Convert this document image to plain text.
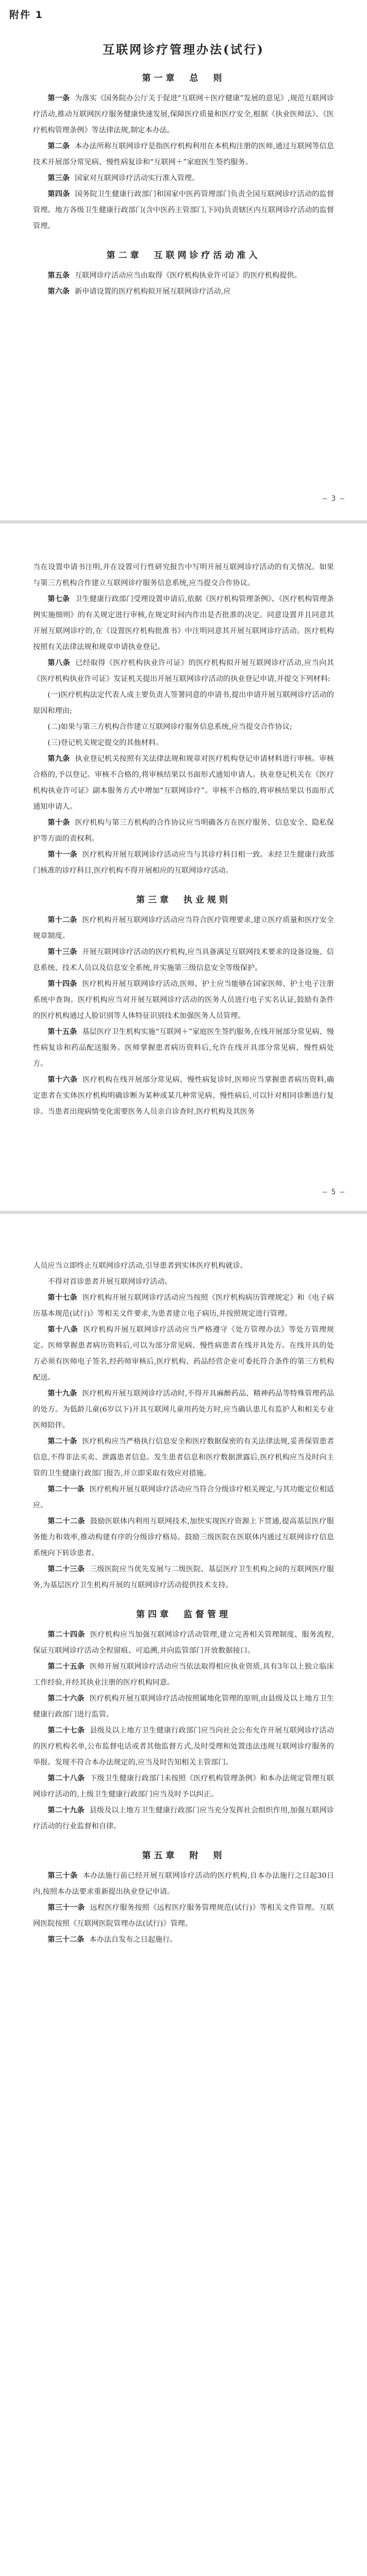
附件 1
互联网诊疗管理办法(试行)
第一章　总　则

第一条 为落实《国务院办公厅关于促进“互联网＋医疗健康”发展的意见》,规范互联网诊疗活动,推动互联网医疗服务健康快速发展,保障医疗质量和医疗安全,根据《执业医师法》、《医疗机构管理条例》等法律法规,制定本办法。

第二条 本办法所称互联网诊疗是指医疗机构利用在本机构注册的医师,通过互联网等信息技术开展部分常见病、慢性病复诊和“互联网＋”家庭医生签约服务。

第三条 国家对互联网诊疗活动实行准入管理。

第四条 国务院卫生健康行政部门和国家中医药管理部门负责全国互联网诊疗活动的监督管理。地方各级卫生健康行政部门(含中医药主管部门,下同)负责辖区内互联网诊疗活动的监督管理。

第二章　互联网诊疗活动准入

第五条 互联网诊疗活动应当由取得《医疗机构执业许可证》的医疗机构提供。

第六条 新申请设置的医疗机构拟开展互联网诊疗活动,应

— 3 —

当在设置申请书注明,并在设置可行性研究报告中写明开展互联网诊疗活动的有关情况。如果与第三方机构合作建立互联网诊疗服务信息系统,应当提交合作协议。

第七条 卫生健康行政部门受理设置申请后,依据《医疗机构管理条例》、《医疗机构管理条例实施细则》的有关规定进行审核,在规定时间内作出是否批准的决定。同意设置并且同意其开展互联网诊疗的,在《设置医疗机构批准书》中注明同意其开展互联网诊疗活动。医疗机构按照有关法律法规和规章申请执业登记。

第八条 已经取得《医疗机构执业许可证》的医疗机构拟开展互联网诊疗活动,应当向其《医疗机构执业许可证》发证机关提出开展互联网诊疗活动的执业登记申请,并提交下列材料:

(一)医疗机构法定代表人或主要负责人签署同意的申请书,提出申请开展互联网诊疗活动的原因和理由;

(二)如果与第三方机构合作建立互联网诊疗服务信息系统,应当提交合作协议;

(三)登记机关规定提交的其他材料。

第九条 执业登记机关按照有关法律法规和规章对医疗机构登记申请材料进行审核。审核合格的,予以登记。审核不合格的,将审核结果以书面形式通知申请人。执业登记机关在《医疗机构执业许可证》副本服务方式中增加“互联网诊疗”。审核不合格的,将审核结果以书面形式通知申请人。

第十条 医疗机构与第三方机构的合作协议应当明确各方在医疗服务、信息安全、隐私保护等方面的责权利。

第十一条 医疗机构开展互联网诊疗活动应当与其诊疗科目相一致。未经卫生健康行政部门核准的诊疗科目,医疗机构不得开展相应的互联网诊疗活动。

第三章　执业规则

第十二条 医疗机构开展互联网诊疗活动应当符合医疗管理要求,建立医疗质量和医疗安全规章制度。

第十三条 开展互联网诊疗活动的医疗机构,应当具备满足互联网技术要求的设备设施、信息系统、技术人员以及信息安全系统,并实施第三级信息安全等级保护。

第十四条 医疗机构开展互联网诊疗活动,医师、护士应当能够在国家医师、护士电子注册系统中查询。医疗机构应当对开展互联网诊疗活动的医务人员进行电子实名认证,鼓励有条件的医疗机构通过人脸识别等人体特征识别技术加强医务人员管理。

第十五条 基层医疗卫生机构实施“互联网＋”家庭医生签约服务,在线开展部分常见病、慢性病复诊和药品配送服务。医师掌握患者病历资料后,允许在线开具部分常见病、慢性病处方。

第十六条 医疗机构在线开展部分常见病、慢性病复诊时,医师应当掌握患者病历资料,确定患者在实体医疗机构明确诊断为某种或某几种常见病、慢性病后,可以针对相同诊断进行复诊。当患者出现病情变化需要医务人员亲自诊查时,医疗机构及其医务

— 5 —

人员应当立即终止互联网诊疗活动,引导患者到实体医疗机构就诊。

不得对首诊患者开展互联网诊疗活动。

第十七条 医疗机构开展互联网诊疗活动应当按照《医疗机构病历管理规定》和《电子病历基本规范(试行)》等相关文件要求,为患者建立电子病历,并按照规定进行管理。

第十八条 医疗机构开展互联网诊疗活动应当严格遵守《处方管理办法》等处方管理规定。医师掌握患者病历资料后,可以为部分常见病、慢性病患者在线开具处方。在线开具的处方必须有医师电子签名,经药师审核后,医疗机构、药品经营企业可委托符合条件的第三方机构配送。

第十九条 医疗机构开展互联网诊疗活动时,不得开具麻醉药品、精神药品等特殊管理药品的处方。为低龄儿童(6岁以下)开具互联网儿童用药处方时,应当确认患儿有监护人和相关专业医师陪伴。

第二十条 医疗机构应当严格执行信息安全和医疗数据保密的有关法律法规,妥善保管患者信息,不得非法买卖、泄露患者信息。发生患者信息和医疗数据泄露后,医疗机构应当及时向主管的卫生健康行政部门报告,并立即采取有效应对措施。

第二十一条 医疗机构开展互联网诊疗活动应当符合分级诊疗相关规定,与其功能定位相适应。

第二十二条 鼓励医联体内利用互联网技术,加快实现医疗资源上下贯通,提高基层医疗服务能力和效率,推动构建有序的分级诊疗格局。鼓励三级医院在医联体内通过互联网诊疗信息系统向下转诊患者。

第二十三条 三级医院应当优先发展与二级医院、基层医疗卫生机构之间的互联网医疗服务,为基层医疗卫生机构开展的互联网诊疗活动提供技术支持。

第四章　监督管理

第二十四条 医疗机构应当加强互联网诊疗活动管理,建立完善相关管理制度、服务流程,保证互联网诊疗活动全程留痕、可追溯,并向监管部门开放数据接口。

第二十五条 医师开展互联网诊疗活动应当依法取得相应执业资质,具有3年以上独立临床工作经验,并经其执业注册的医疗机构同意。

第二十六条 医疗机构开展互联网诊疗活动按照属地化管理的原则,由县级及以上地方卫生健康行政部门进行监管。

第二十七条 县级及以上地方卫生健康行政部门应当向社会公布允许开展互联网诊疗活动的医疗机构名单,公布监督电话或者其他监督方式,及时受理和处置违法违规互联网诊疗服务的举报。发现不符合本办法规定的,应当及时告知相关主管部门。

第二十八条 下级卫生健康行政部门未按照《医疗机构管理条例》和本办法规定管理互联网诊疗活动的,上级卫生健康行政部门应当及时予以纠正。

第二十九条 县级及以上地方卫生健康行政部门应当充分发挥社会组织作用,加强互联网诊疗活动的行业监督和自律。

第五章　附　则

第三十条 本办法施行前已经开展互联网诊疗活动的医疗机构,自本办法施行之日起30日内,按照本办法要求重新提出执业登记申请。

第三十一条 远程医疗服务按照《远程医疗服务管理规范(试行)》等相关文件管理。互联网医院按照《互联网医院管理办法(试行)》管理。

第三十二条 本办法自发布之日起施行。
